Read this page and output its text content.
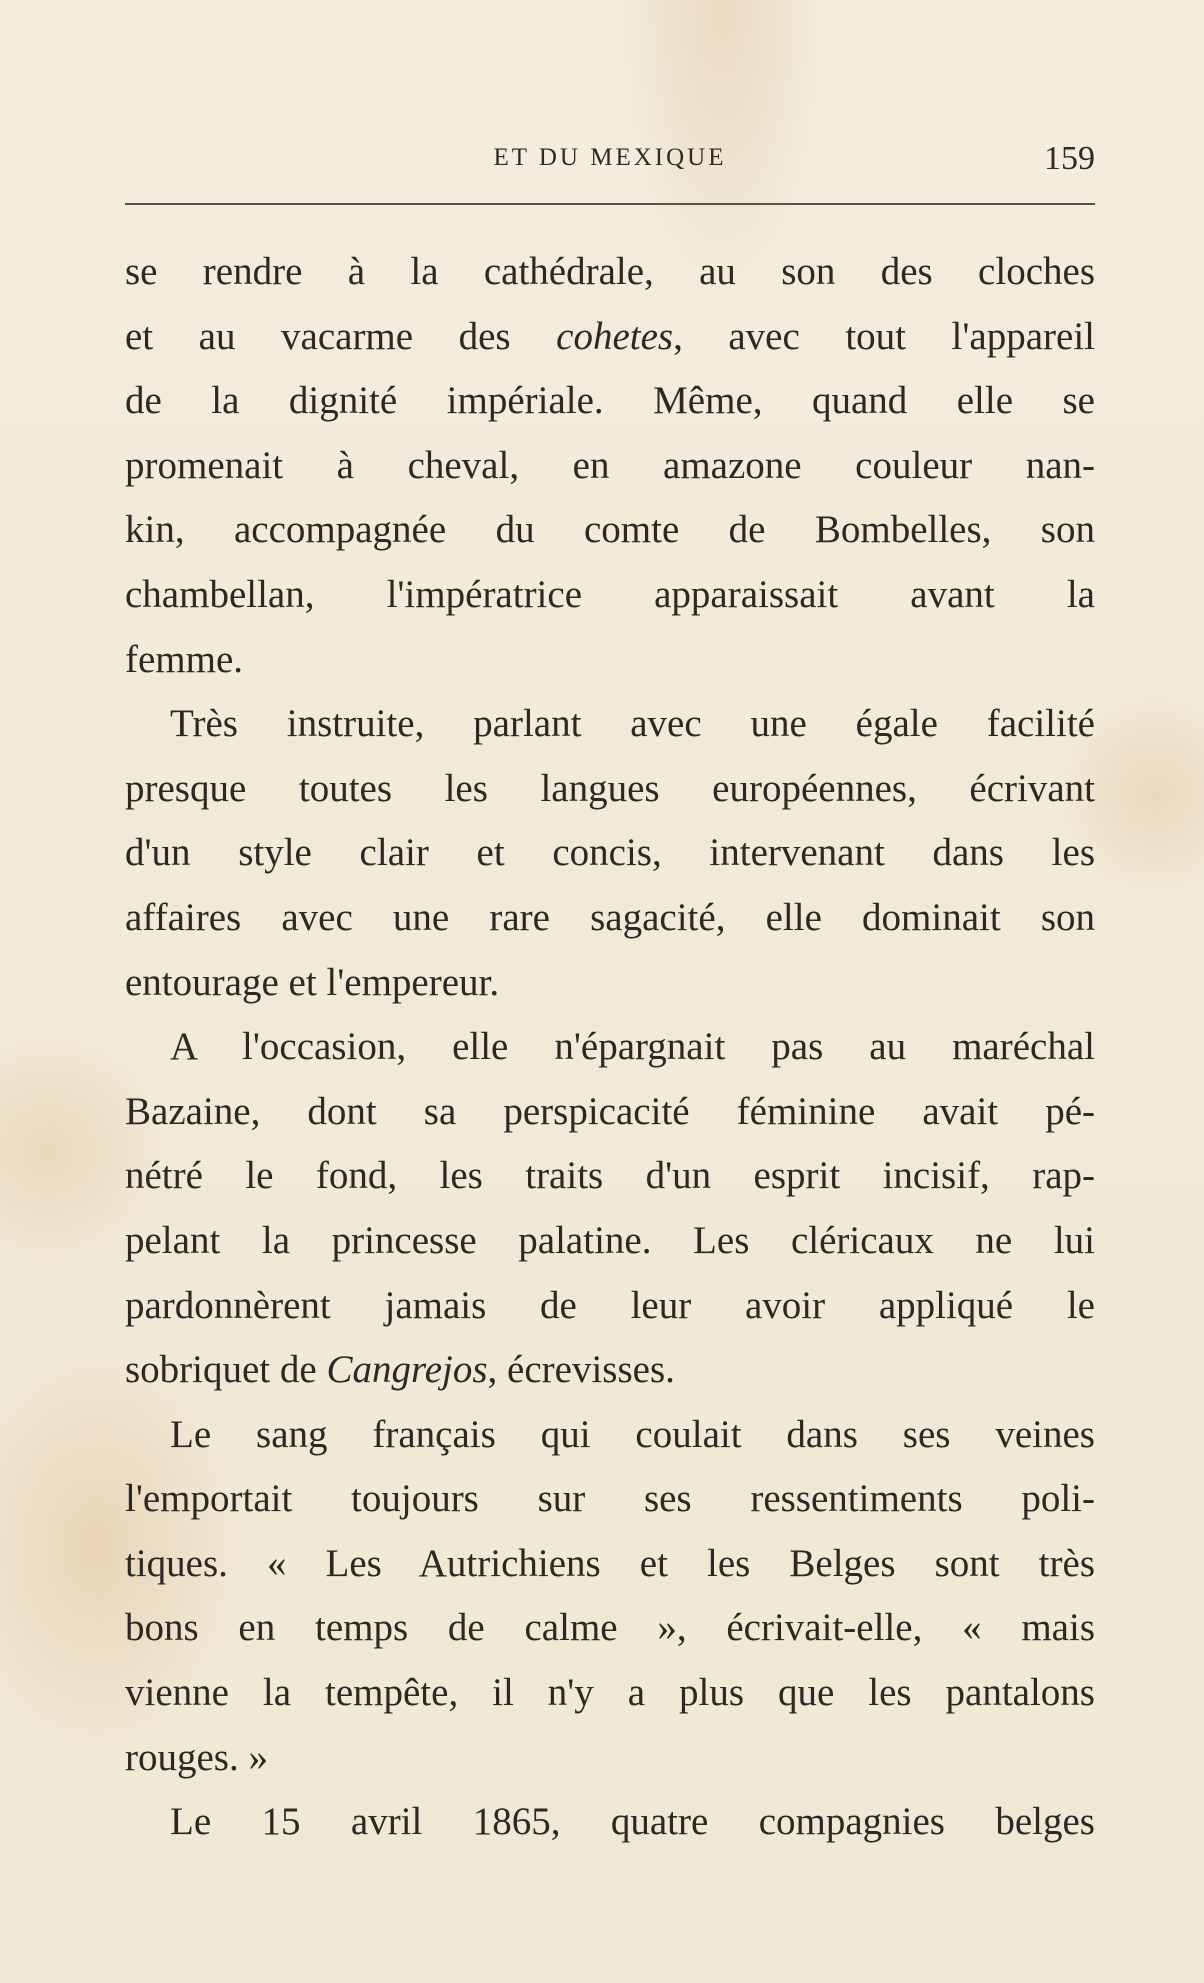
ET DU MEXIQUE	159
se rendre à la cathédrale, au son des cloches
et au vacarme des cohetes, avec tout l'appareil
de la dignité impériale. Même, quand elle se
promenait à cheval, en amazone couleur nan-
kin, accompagnée du comte de Bombelles, son
chambellan, l'impératrice apparaissait avant la
femme.
Très instruite, parlant avec une égale facilité
presque toutes les langues européennes, écrivant
d'un style clair et concis, intervenant dans les
affaires avec une rare sagacité, elle dominait son
entourage et l'empereur.
A l'occasion, elle n'épargnait pas au maréchal
Bazaine, dont sa perspicacité féminine avait pé-
nétré le fond, les traits d'un esprit incisif, rap-
pelant la princesse palatine. Les cléricaux ne lui
pardonnèrent jamais de leur avoir appliqué le
sobriquet de Cangrejos, écrevisses.
Le sang français qui coulait dans ses veines
l'emportait toujours sur ses ressentiments poli-
tiques. « Les Autrichiens et les Belges sont très
bons en temps de calme », écrivait-elle, « mais
vienne la tempête, il n'y a plus que les pantalons
rouges. »
Le 15 avril 1865, quatre compagnies belges
